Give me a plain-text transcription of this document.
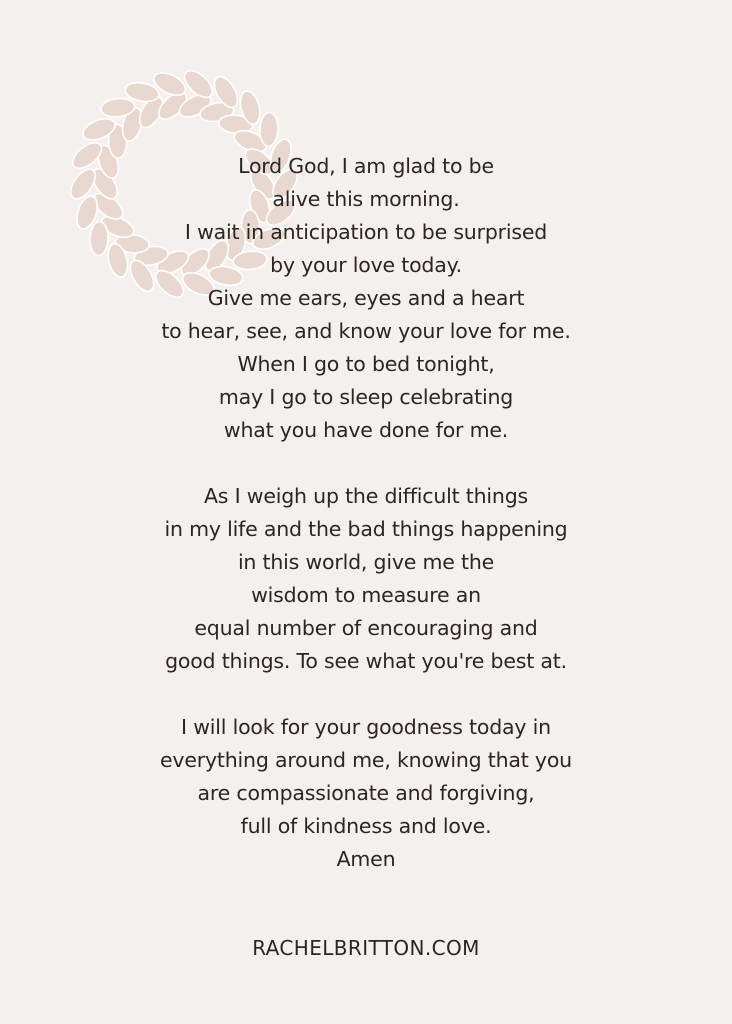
Lord God, I am glad to be
alive this morning.
I wait in anticipation to be surprised
by your love today.
Give me ears, eyes and a heart
to hear, see, and know your love for me.
When I go to bed tonight,
may I go to sleep celebrating
what you have done for me.
As I weigh up the difficult things
in my life and the bad things happening
in this world, give me the
wisdom to measure an
equal number of encouraging and
good things. To see what you're best at.
I will look for your goodness today in
everything around me, knowing that you
are compassionate and forgiving,
full of kindness and love.
Amen
RACHELBRITTON.COM
